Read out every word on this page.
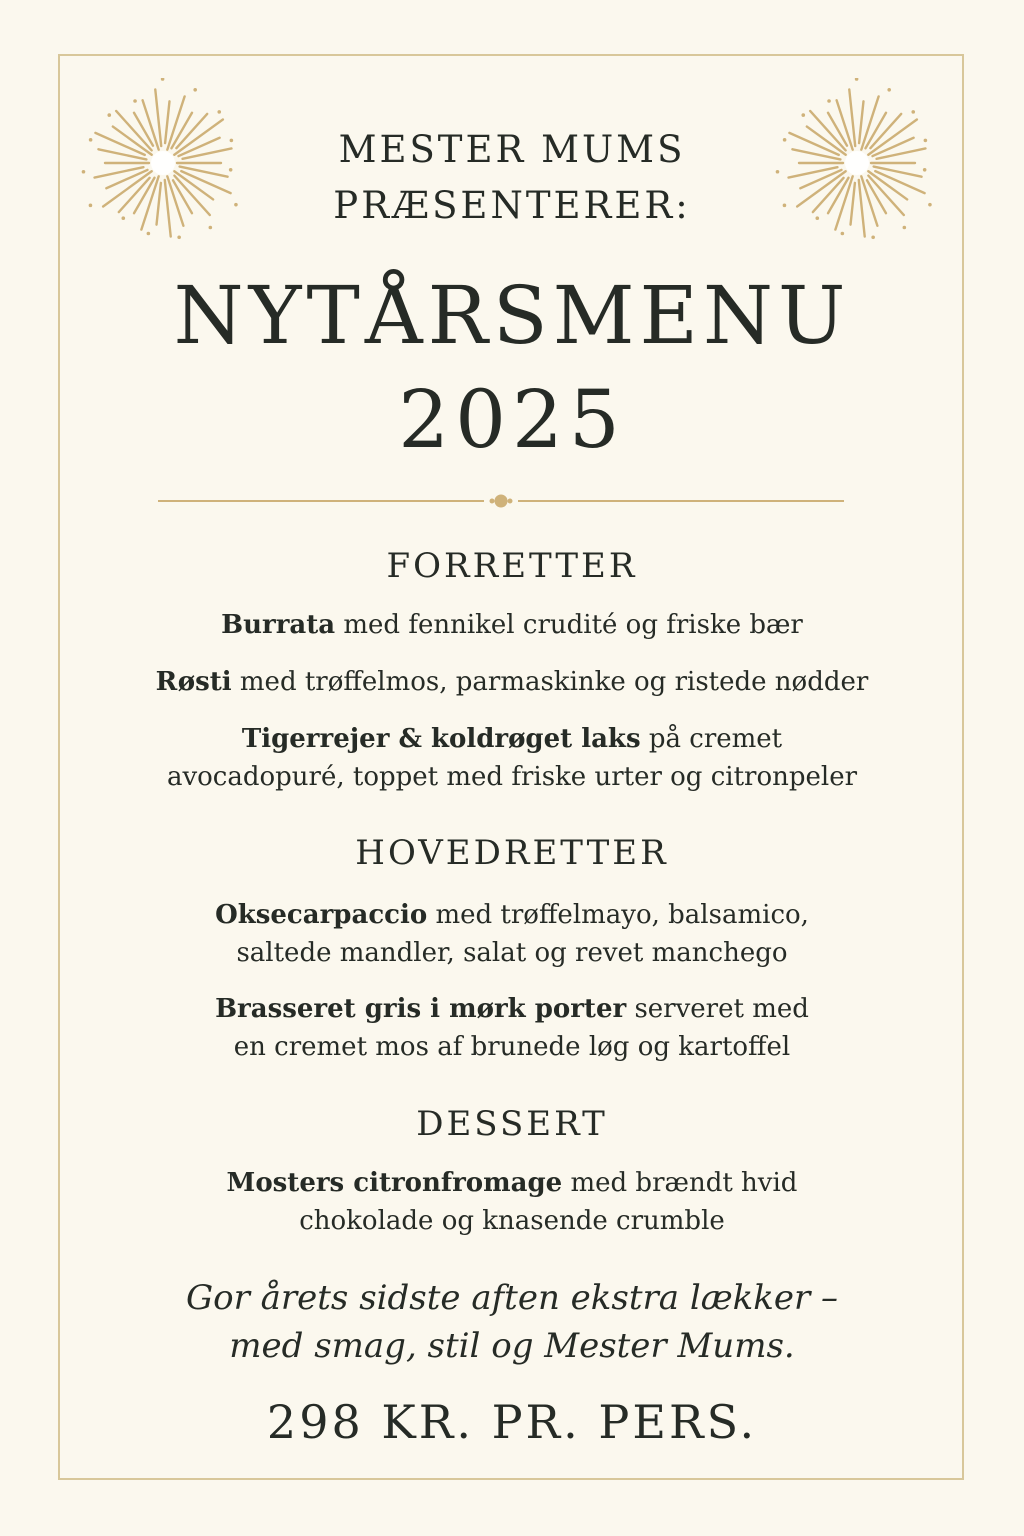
MESTER MUMS
PRÆSENTERER:
NYTÅRSMENU
2025
FORRETTER
Burrata med fennikel crudité og friske bær
Røsti med trøffelmos, parmaskinke og ristede nødder
Tigerrejer & koldrøget laks på cremet
avocadopuré, toppet med friske urter og citronpeler
HOVEDRETTER
Oksecarpaccio med trøffelmayo, balsamico,
saltede mandler, salat og revet manchego
Brasseret gris i mørk porter serveret med
en cremet mos af brunede løg og kartoffel
DESSERT
Mosters citronfromage med brændt hvid
chokolade og knasende crumble
Gor årets sidste aften ekstra lækker –
med smag, stil og Mester Mums.
298 KR. PR. PERS.
